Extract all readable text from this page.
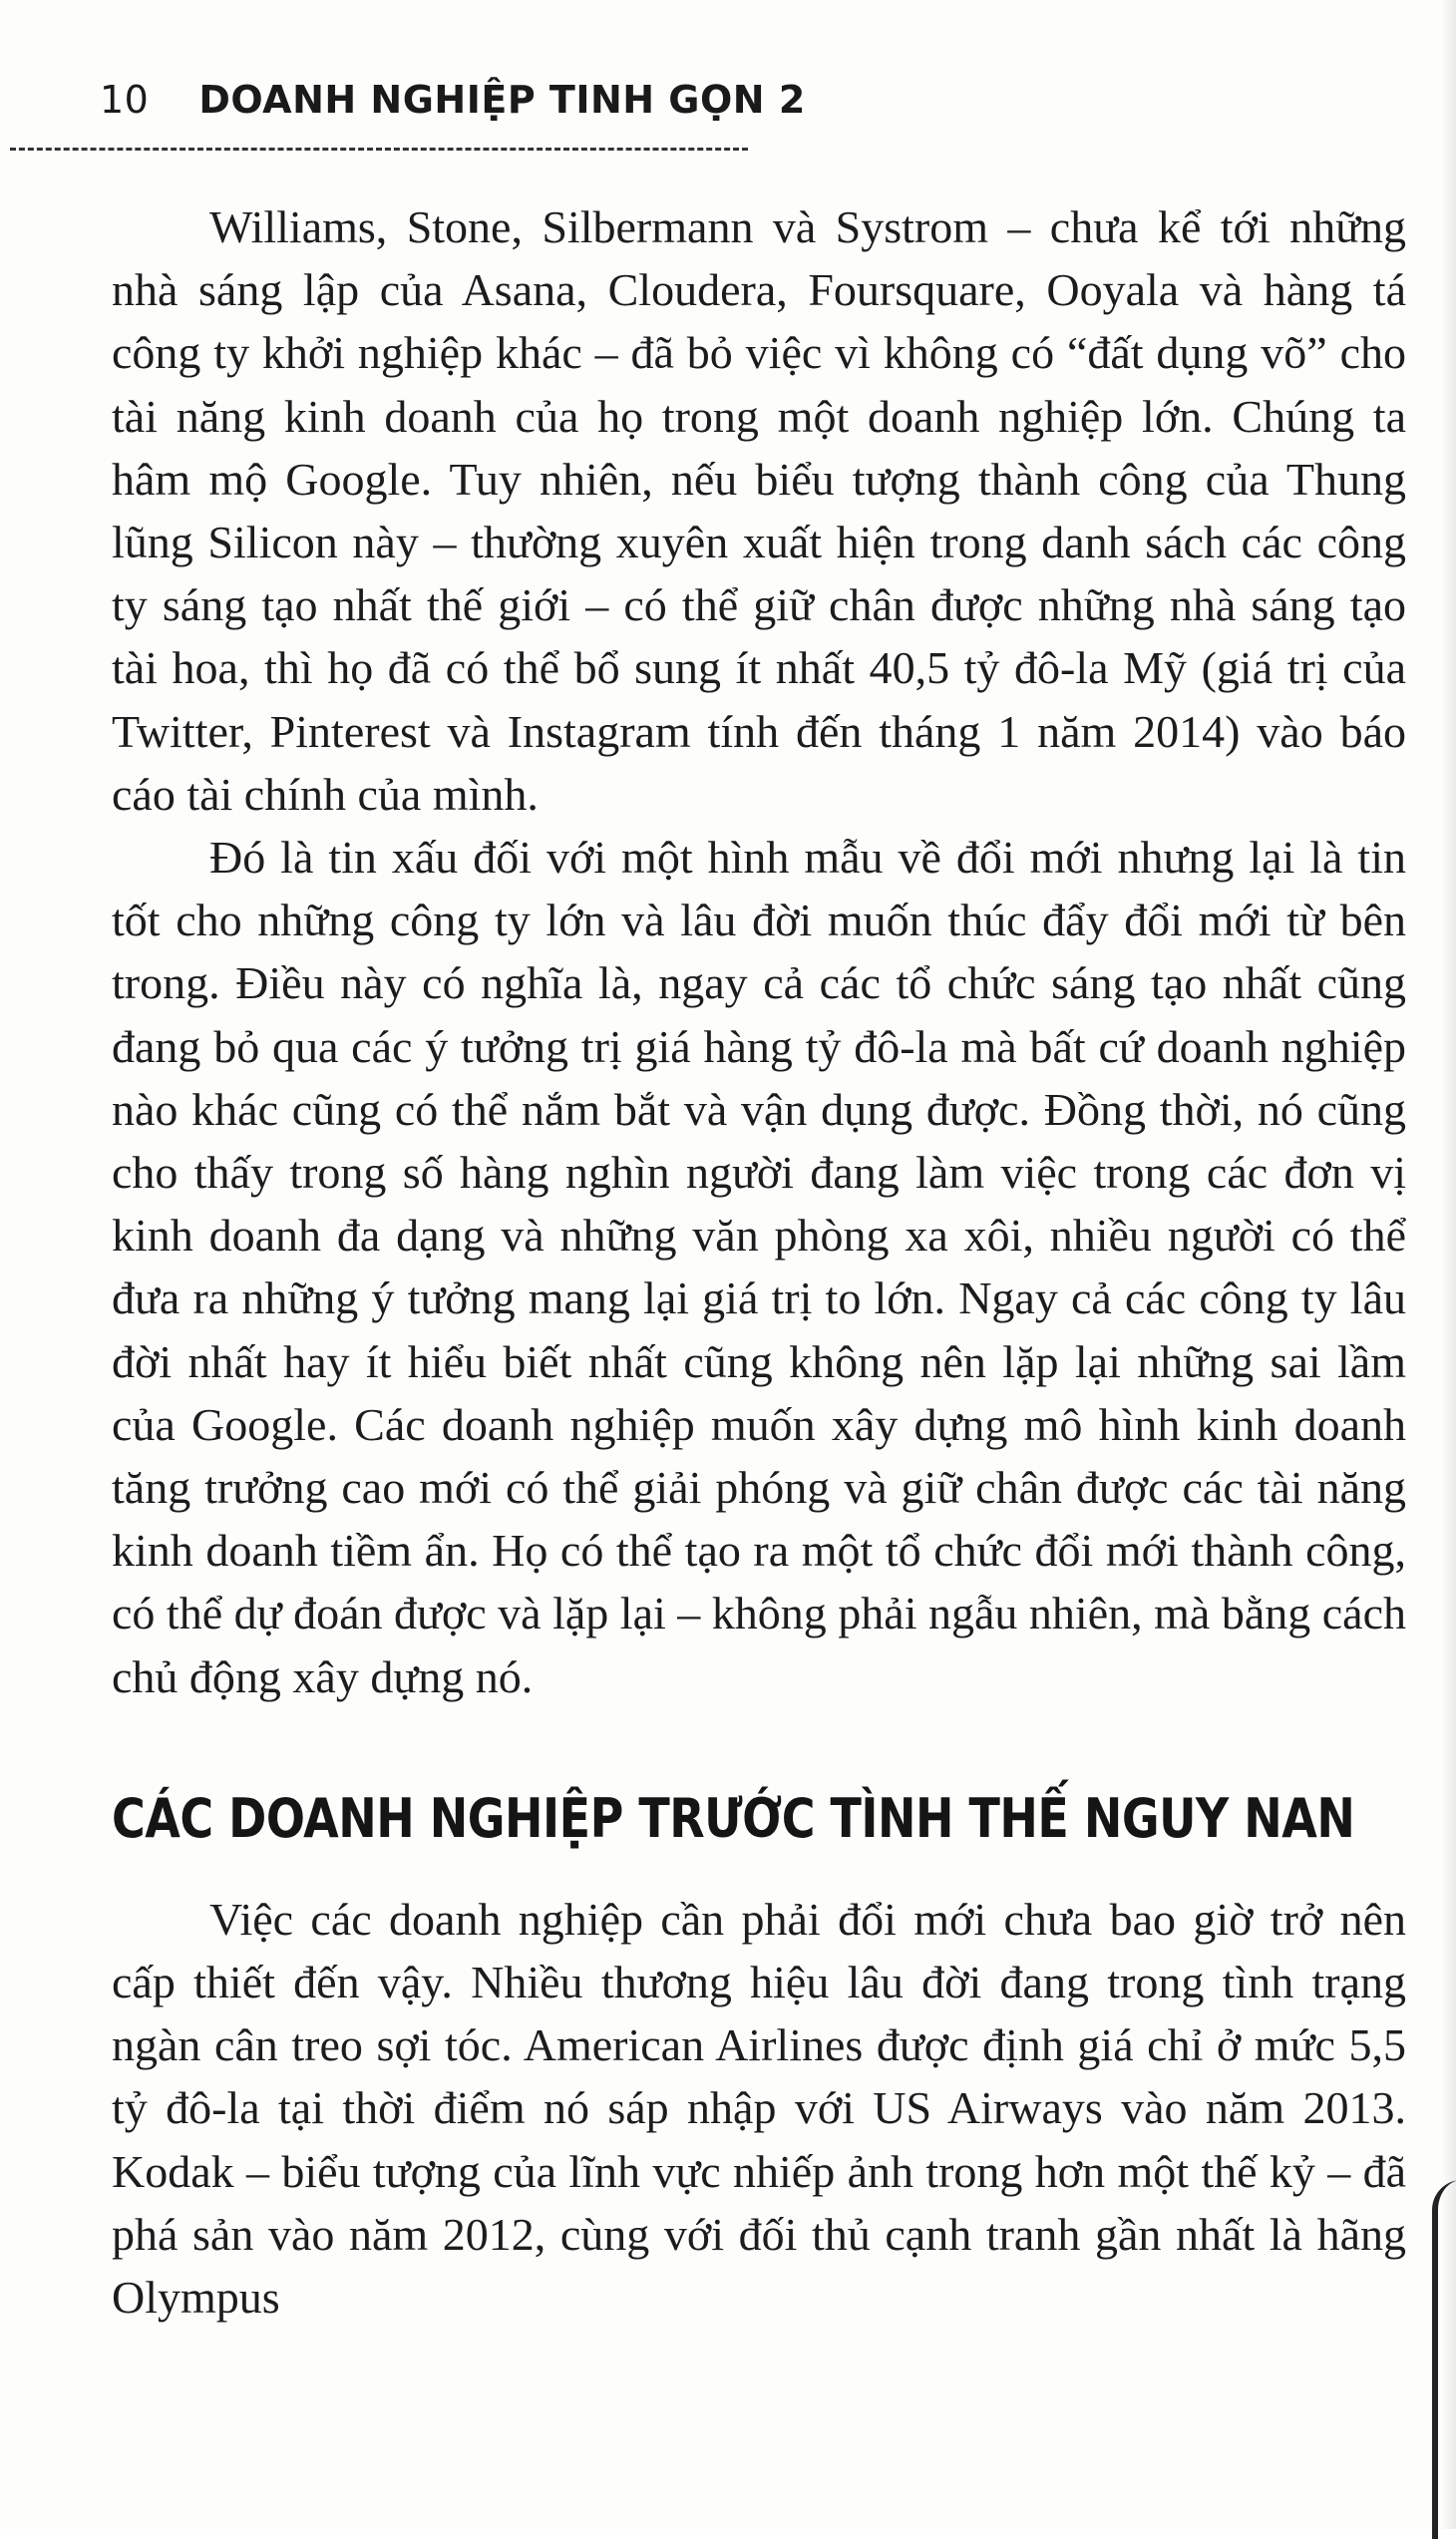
10 DOANH NGHIỆP TINH GỌN 2

Williams, Stone, Silbermann và Systrom – chưa kể tới những nhà sáng lập của Asana, Cloudera, Foursquare, Ooyala và hàng tá công ty khởi nghiệp khác – đã bỏ việc vì không có “đất dụng võ” cho tài năng kinh doanh của họ trong một doanh nghiệp lớn. Chúng ta hâm mộ Google. Tuy nhiên, nếu biểu tượng thành công của Thung lũng Silicon này – thường xuyên xuất hiện trong danh sách các công ty sáng tạo nhất thế giới – có thể giữ chân được những nhà sáng tạo tài hoa, thì họ đã có thể bổ sung ít nhất 40,5 tỷ đô-la Mỹ (giá trị của Twitter, Pinterest và Instagram tính đến tháng 1 năm 2014) vào báo cáo tài chính của mình.

Đó là tin xấu đối với một hình mẫu về đổi mới nhưng lại là tin tốt cho những công ty lớn và lâu đời muốn thúc đẩy đổi mới từ bên trong. Điều này có nghĩa là, ngay cả các tổ chức sáng tạo nhất cũng đang bỏ qua các ý tưởng trị giá hàng tỷ đô-la mà bất cứ doanh nghiệp nào khác cũng có thể nắm bắt và vận dụng được. Đồng thời, nó cũng cho thấy trong số hàng nghìn người đang làm việc trong các đơn vị kinh doanh đa dạng và những văn phòng xa xôi, nhiều người có thể đưa ra những ý tưởng mang lại giá trị to lớn. Ngay cả các công ty lâu đời nhất hay ít hiểu biết nhất cũng không nên lặp lại những sai lầm của Google. Các doanh nghiệp muốn xây dựng mô hình kinh doanh tăng trưởng cao mới có thể giải phóng và giữ chân được các tài năng kinh doanh tiềm ẩn. Họ có thể tạo ra một tổ chức đổi mới thành công, có thể dự đoán được và lặp lại – không phải ngẫu nhiên, mà bằng cách chủ động xây dựng nó.

CÁC DOANH NGHIỆP TRƯỚC TÌNH THẾ NGUY NAN

Việc các doanh nghiệp cần phải đổi mới chưa bao giờ trở nên cấp thiết đến vậy. Nhiều thương hiệu lâu đời đang trong tình trạng ngàn cân treo sợi tóc. American Airlines được định giá chỉ ở mức 5,5 tỷ đô-la tại thời điểm nó sáp nhập với US Airways vào năm 2013. Kodak – biểu tượng của lĩnh vực nhiếp ảnh trong hơn một thế kỷ – đã phá sản vào năm 2012, cùng với đối thủ cạnh tranh gần nhất là hãng Olympus
